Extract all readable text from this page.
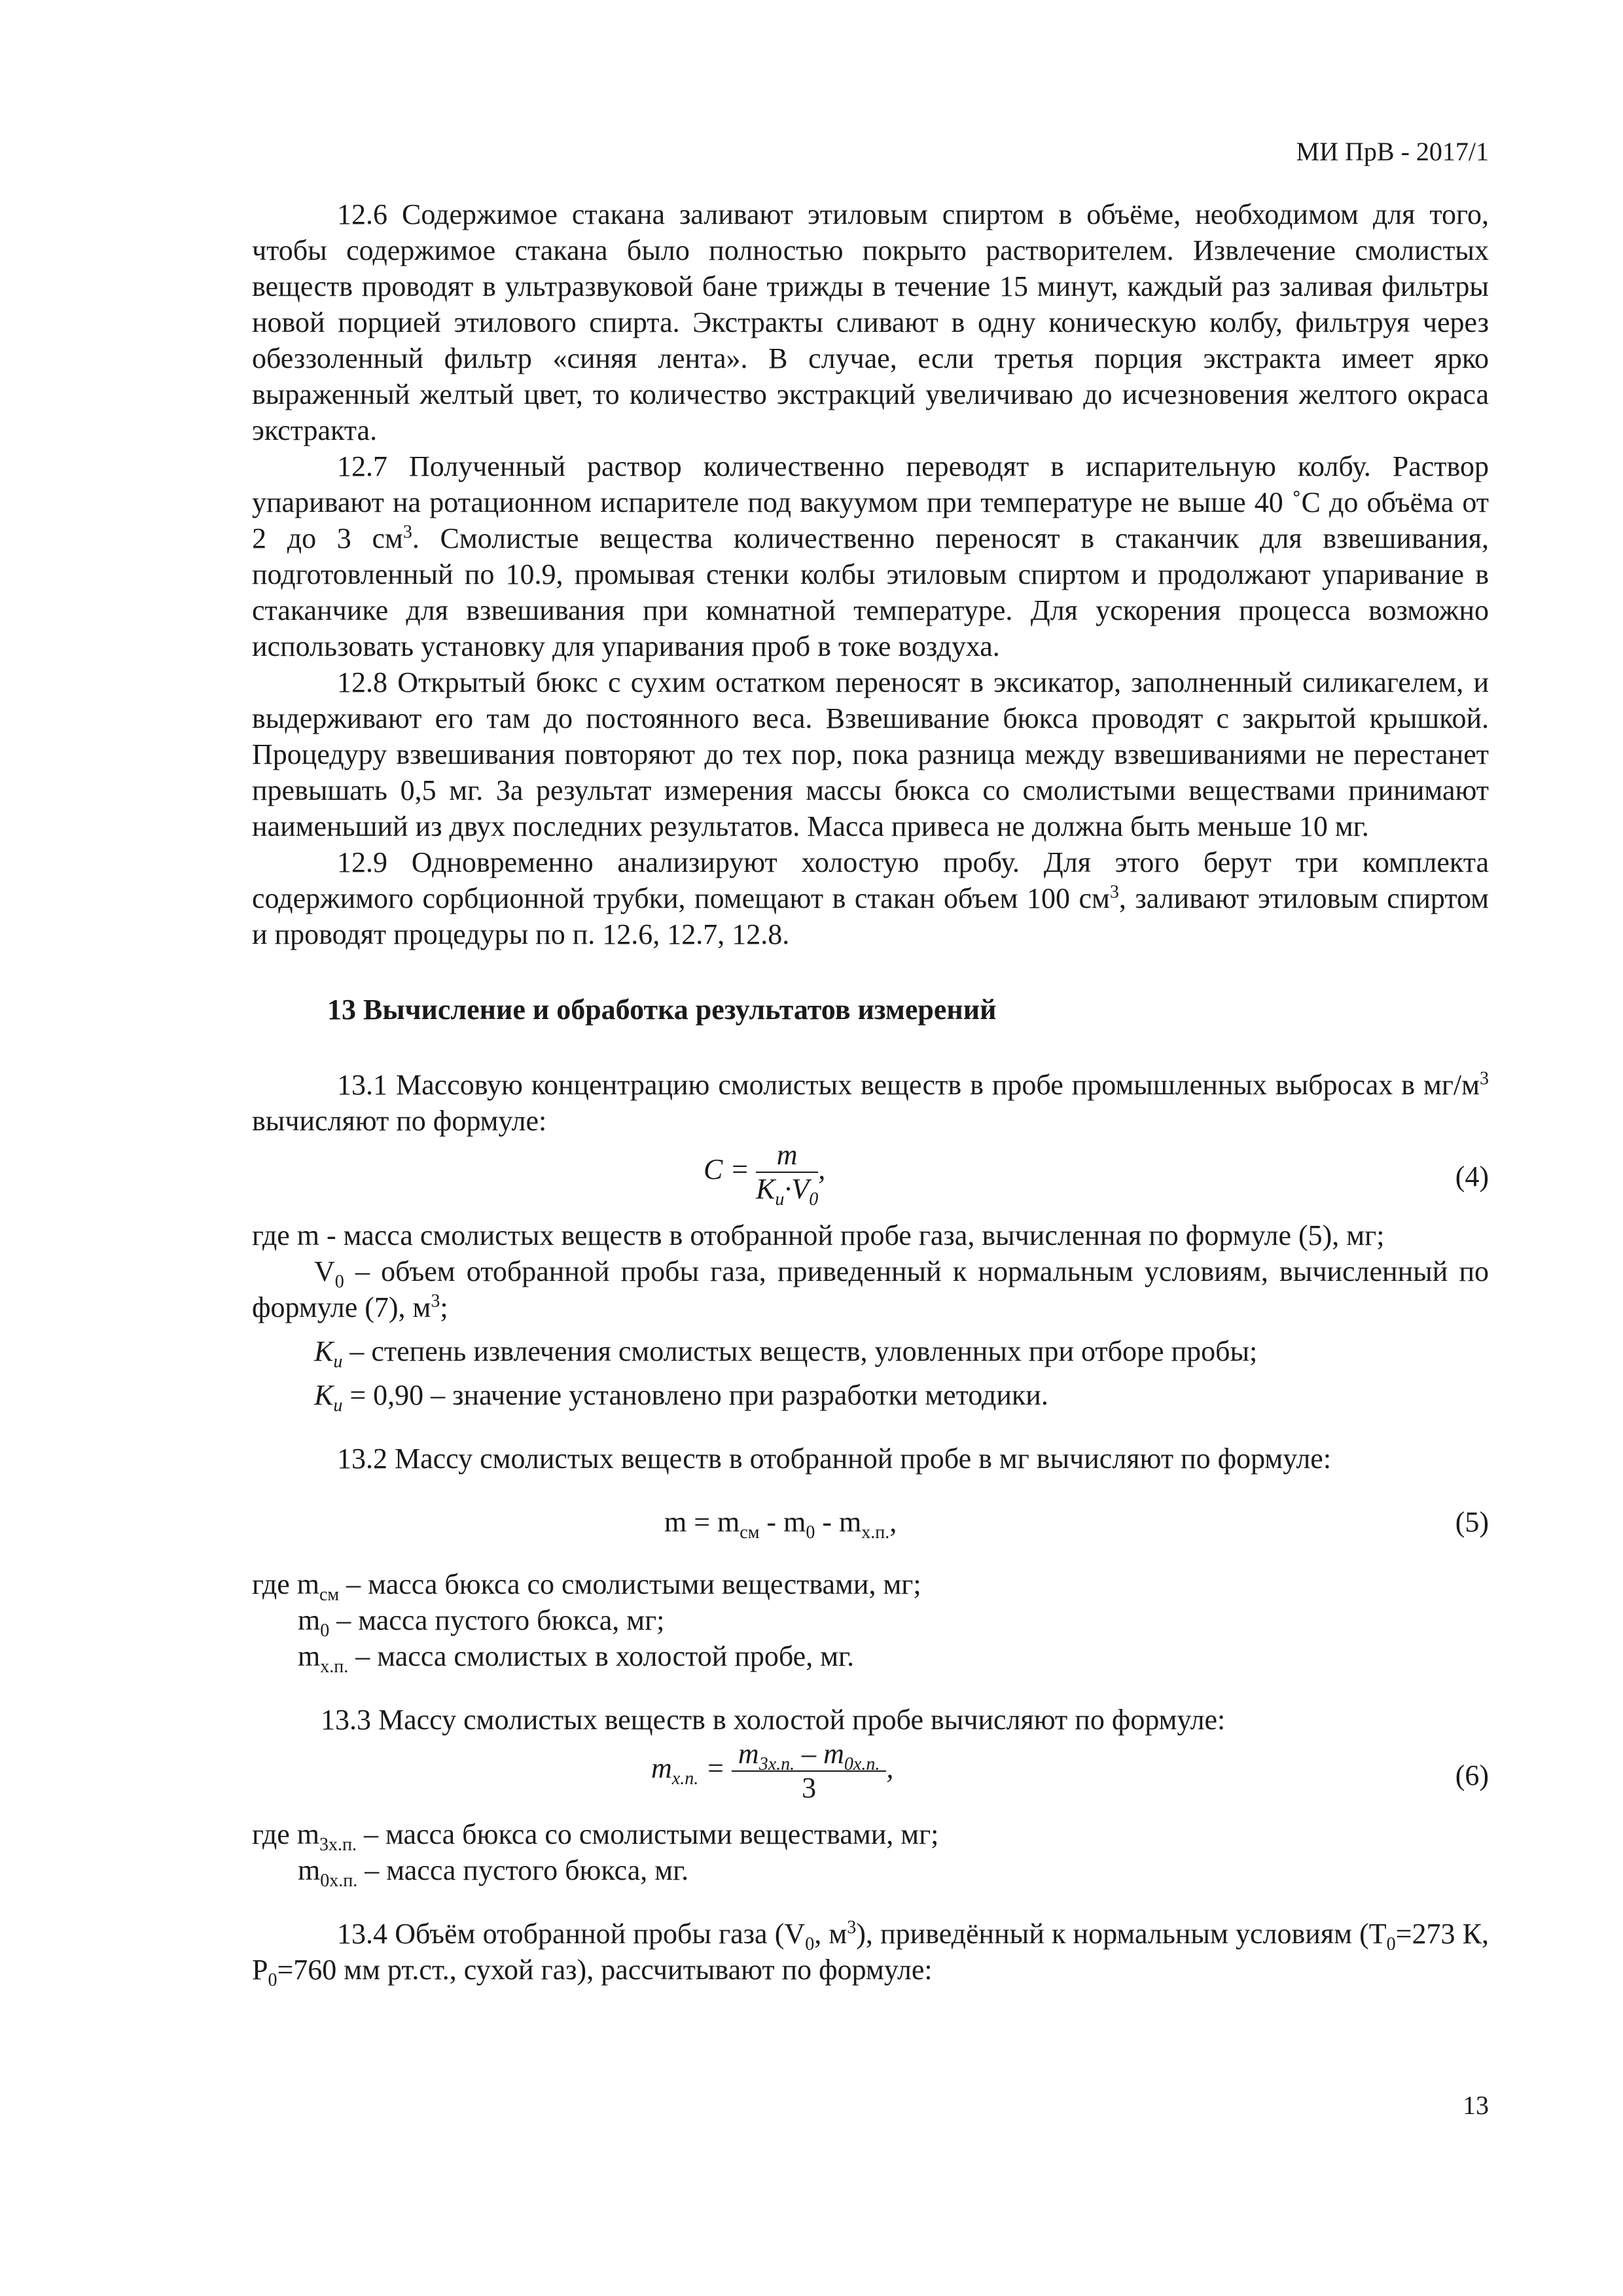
МИ ПрВ - 2017/1

12.6 Содержимое стакана заливают этиловым спиртом в объёме, необходимом для того, чтобы содержимое стакана было полностью покрыто растворителем. Извлечение смолистых веществ проводят в ультразвуковой бане трижды в течение 15 минут, каждый раз заливая фильтры новой порцией этилового спирта. Экстракты сливают в одну коническую колбу, фильтруя через обеззоленный фильтр «синяя лента». В случае, если третья порция экстракта имеет ярко выраженный желтый цвет, то количество экстракций увеличиваю до исчезновения желтого окраса экстракта.

12.7 Полученный раствор количественно переводят в испарительную колбу. Раствор упаривают на ротационном испарителе под вакуумом при температуре не выше 40 ˚С до объёма от 2 до 3 $см^3$. Смолистые вещества количественно переносят в стаканчик для взвешивания, подготовленный по 10.9, промывая стенки колбы этиловым спиртом и продолжают упаривание в стаканчике для взвешивания при комнатной температуре. Для ускорения процесса возможно использовать установку для упаривания проб в токе воздуха.

12.8 Открытый бюкс с сухим остатком переносят в эксикатор, заполненный силикагелем, и выдерживают его там до постоянного веса. Взвешивание бюкса проводят с закрытой крышкой. Процедуру взвешивания повторяют до тех пор, пока разница между взвешиваниями не перестанет превышать 0,5 мг. За результат измерения массы бюкса со смолистыми веществами принимают наименьший из двух последних результатов. Масса привеса не должна быть меньше 10 мг.

12.9 Одновременно анализируют холостую пробу. Для этого берут три комплекта содержимого сорбционной трубки, помещают в стакан объем 100 $см^3$, заливают этиловым спиртом и проводят процедуры по п. 12.6, 12.7, 12.8.

13 Вычисление и обработка результатов измерений

13.1 Массовую концентрацию смолистых веществ в пробе промышленных выбросах в $мг/м^3$ вычисляют по формуле:

$C = \frac{m}{K_и\cdot V_0}$ ,	(4)

где m - масса смолистых веществ в отобранной пробе газа, вычисленная по формуле (5), мг;

$V_0$ – объем отобранной пробы газа, приведенный к нормальным условиям, вычисленный по формуле (7), $м^3$;

$K_и$ – степень извлечения смолистых веществ, уловленных при отборе пробы;

$K_и = 0,90$ – значение установлено при разработки методики.

13.2 Массу смолистых веществ в отобранной пробе в мг вычисляют по формуле:

$m = m_{см} - m_0 - m_{х.п.}$,	(5)

где $m_{см}$ – масса бюкса со смолистыми веществами, мг;

$m_0$ – масса пустого бюкса, мг;

$m_{х.п.}$ – масса смолистых в холостой пробе, мг.

13.3 Массу смолистых веществ в холостой пробе вычисляют по формуле:

$m_{х.п.} = \frac{m_{3х.п.} - m_{0х.п.}}{3}$ ,	(6)

где $m_{3х.п.}$ – масса бюкса со смолистыми веществами, мг;

$m_{0х.п.}$ – масса пустого бюкса, мг.

13.4 Объём отобранной пробы газа ($V_0$, $м^3$), приведённый к нормальным условиям ($Т_0=273$ К, $Р_0=760$ мм рт.ст., сухой газ), рассчитывают по формуле:

13
